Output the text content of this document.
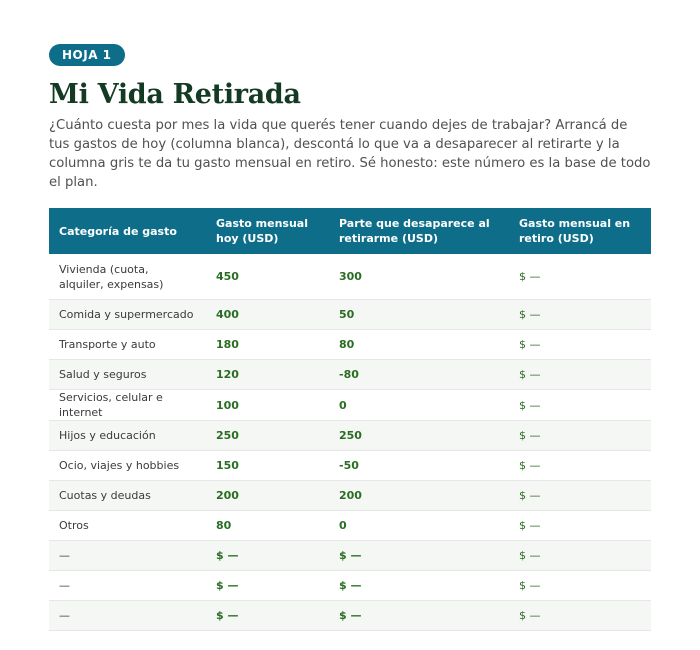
HOJA 1
Mi Vida Retirada

¿Cuánto cuesta por mes la vida que querés tener cuando dejes de trabajar? Arrancá de tus gastos de hoy (columna blanca), descontá lo que va a desaparecer al retirarte y la columna gris te da tu gasto mensual en retiro. Sé honesto: este número es la base de todo el plan.

Categoría de gasto	Gasto mensual hoy (USD)	Parte que desaparece al retirarme (USD)	Gasto mensual en retiro (USD)
Vivienda (cuota, alquiler, expensas)	450	300	$ —
Comida y supermercado	400	50	$ —
Transporte y auto	180	80	$ —
Salud y seguros	120	-80	$ —
Servicios, celular e internet	100	0	$ —
Hijos y educación	250	250	$ —
Ocio, viajes y hobbies	150	-50	$ —
Cuotas y deudas	200	200	$ —
Otros	80	0	$ —
—	$ —	$ —	$ —
—	$ —	$ —	$ —
—	$ —	$ —	$ —
